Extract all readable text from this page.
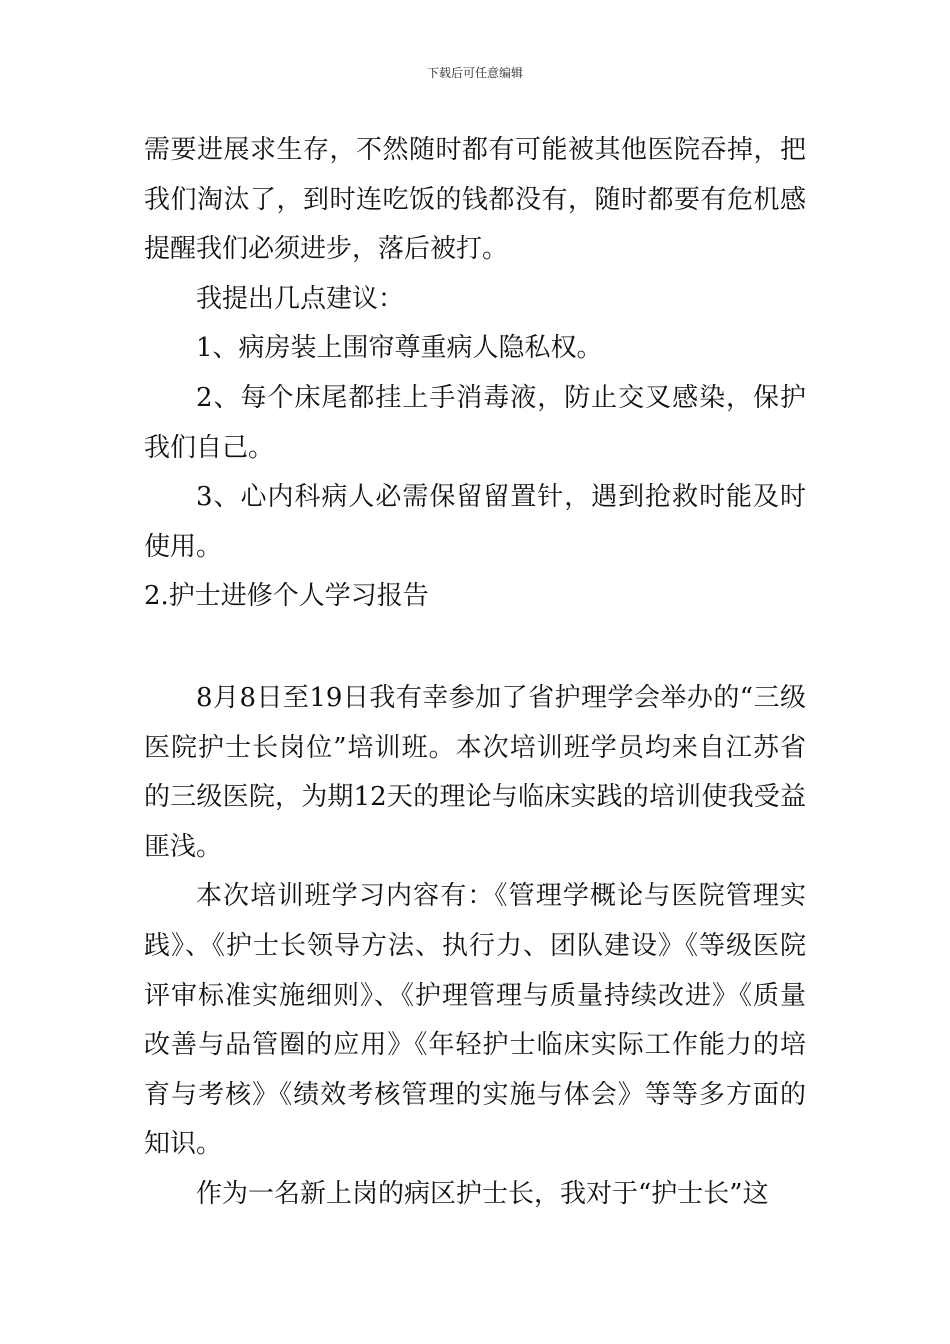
下载后可任意编辑

需要进展求生存，不然随时都有可能被其他医院吞掉，把我们淘汰了，到时连吃饭的钱都没有，随时都要有危机感提醒我们必须进步，落后被打。

我提出几点建议：

1、病房装上围帘尊重病人隐私权。

2、每个床尾都挂上手消毒液，防止交叉感染，保护我们自己。

3、心内科病人必需保留留置针，遇到抢救时能及时使用。

2.护士进修个人学习报告

8月8日至19日我有幸参加了省护理学会举办的“三级医院护士长岗位”培训班。本次培训班学员均来自江苏省的三级医院，为期12天的理论与临床实践的培训使我受益匪浅。

本次培训班学习内容有：《管理学概论与医院管理实践》、《护士长领导方法、执行力、团队建设》《等级医院评审标准实施细则》、《护理管理与质量持续改进》《质量改善与品管圈的应用》《年轻护士临床实际工作能力的培育与考核》《绩效考核管理的实施与体会》等等多方面的知识。

作为一名新上岗的病区护士长，我对于“护士长”这
